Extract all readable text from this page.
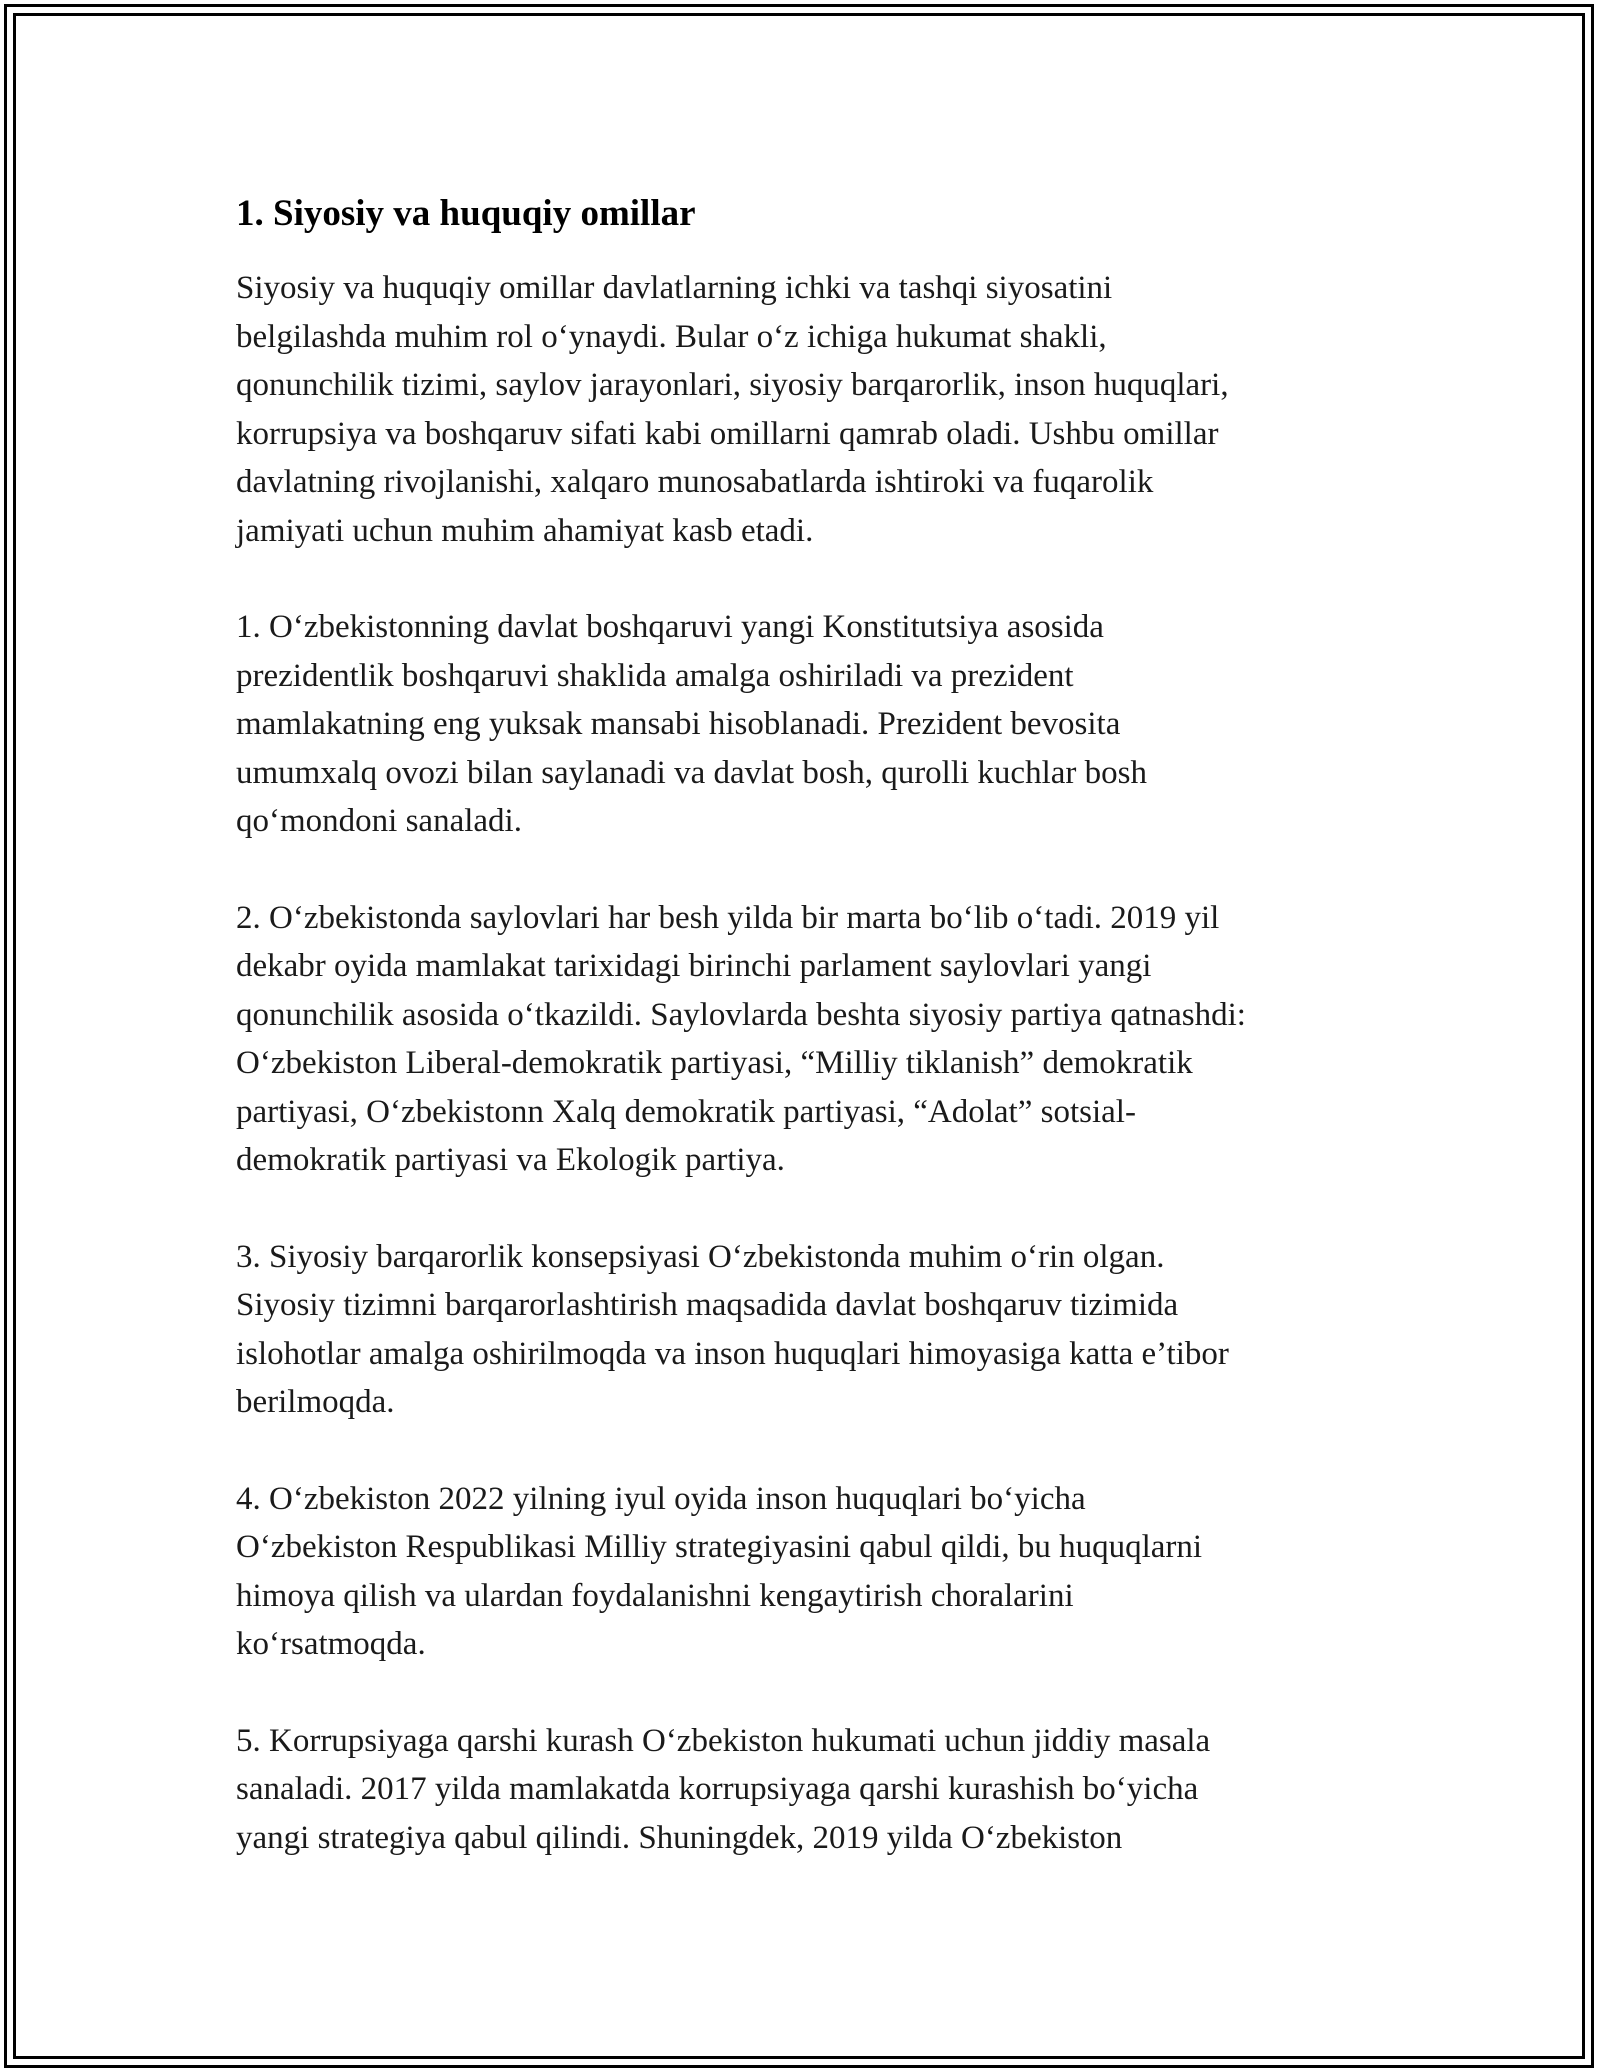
1. Siyosiy va huquqiy omillar

Siyosiy va huquqiy omillar davlatlarning ichki va tashqi siyosatini
belgilashda muhim rol o‘ynaydi. Bular o‘z ichiga hukumat shakli,
qonunchilik tizimi, saylov jarayonlari, siyosiy barqarorlik, inson huquqlari,
korrupsiya va boshqaruv sifati kabi omillarni qamrab oladi. Ushbu omillar
davlatning rivojlanishi, xalqaro munosabatlarda ishtiroki va fuqarolik
jamiyati uchun muhim ahamiyat kasb etadi.

1. O‘zbekistonning davlat boshqaruvi yangi Konstitutsiya asosida
prezidentlik boshqaruvi shaklida amalga oshiriladi va prezident
mamlakatning eng yuksak mansabi hisoblanadi. Prezident bevosita
umumxalq ovozi bilan saylanadi va davlat bosh, qurolli kuchlar bosh
qo‘mondoni sanaladi.

2. O‘zbekistonda saylovlari har besh yilda bir marta bo‘lib o‘tadi. 2019 yil
dekabr oyida mamlakat tarixidagi birinchi parlament saylovlari yangi
qonunchilik asosida o‘tkazildi. Saylovlarda beshta siyosiy partiya qatnashdi:
O‘zbekiston Liberal-demokratik partiyasi, “Milliy tiklanish” demokratik
partiyasi, O‘zbekistonn Xalq demokratik partiyasi, “Adolat” sotsial-
demokratik partiyasi va Ekologik partiya.

3. Siyosiy barqarorlik konsepsiyasi O‘zbekistonda muhim o‘rin olgan.
Siyosiy tizimni barqarorlashtirish maqsadida davlat boshqaruv tizimida
islohotlar amalga oshirilmoqda va inson huquqlari himoyasiga katta e’tibor
berilmoqda.

4. O‘zbekiston 2022 yilning iyul oyida inson huquqlari bo‘yicha
O‘zbekiston Respublikasi Milliy strategiyasini qabul qildi, bu huquqlarni
himoya qilish va ulardan foydalanishni kengaytirish choralarini
ko‘rsatmoqda.

5. Korrupsiyaga qarshi kurash O‘zbekiston hukumati uchun jiddiy masala
sanaladi. 2017 yilda mamlakatda korrupsiyaga qarshi kurashish bo‘yicha
yangi strategiya qabul qilindi. Shuningdek, 2019 yilda O‘zbekiston
